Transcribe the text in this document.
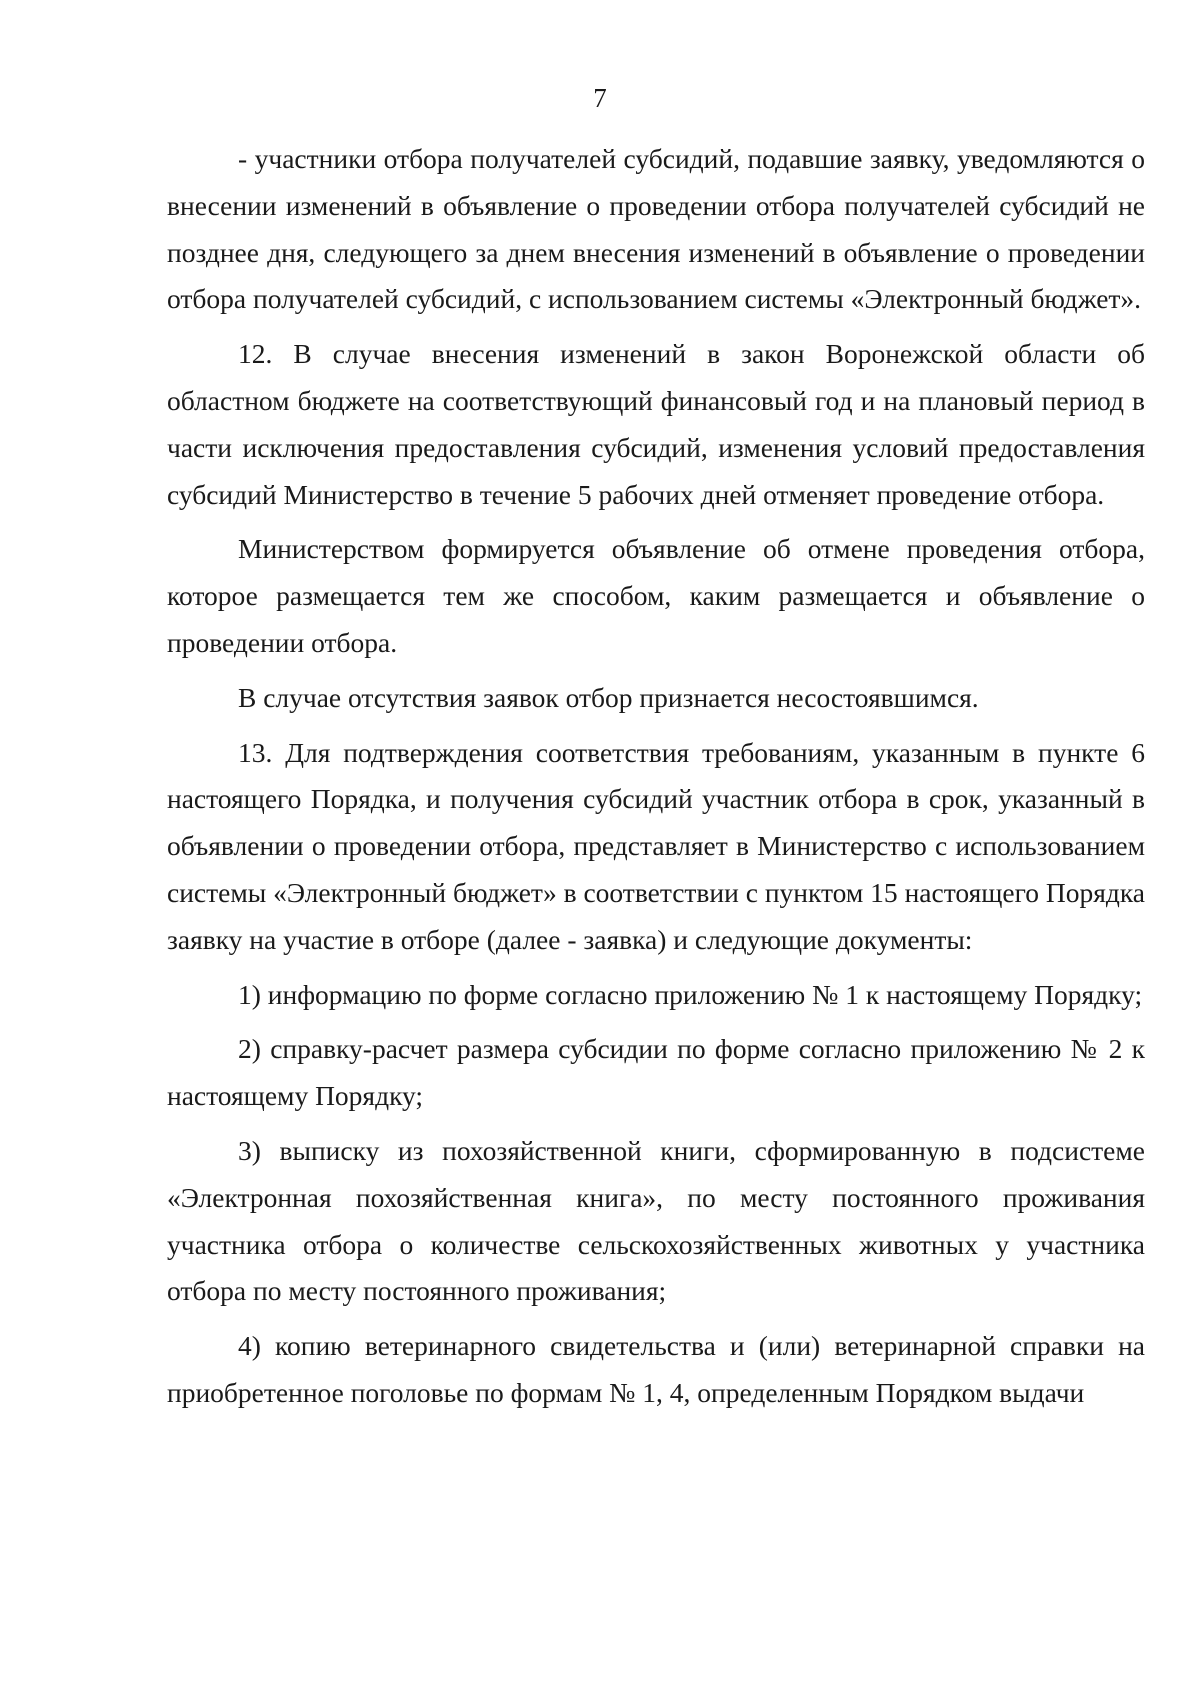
7

- участники отбора получателей субсидий, подавшие заявку, уведомляются о внесении изменений в объявление о проведении отбора получателей субсидий не позднее дня, следующего за днем внесения изменений в объявление о проведении отбора получателей субсидий, с использованием системы «Электронный бюджет».

12. В случае внесения изменений в закон Воронежской области об областном бюджете на соответствующий финансовый год и на плановый период в части исключения предоставления субсидий, изменения условий предоставления субсидий Министерство в течение 5 рабочих дней отменяет проведение отбора.

Министерством формируется объявление об отмене проведения отбора, которое размещается тем же способом, каким размещается и объявление о проведении отбора.

В случае отсутствия заявок отбор признается несостоявшимся.

13. Для подтверждения соответствия требованиям, указанным в пункте 6 настоящего Порядка, и получения субсидий участник отбора в срок, указанный в объявлении о проведении отбора, представляет в Министерство с использованием системы «Электронный бюджет» в соответствии с пунктом 15 настоящего Порядка заявку на участие в отборе (далее - заявка) и следующие документы:

1) информацию по форме согласно приложению № 1 к настоящему Порядку;

2) справку-расчет размера субсидии по форме согласно приложению № 2 к настоящему Порядку;

3) выписку из похозяйственной книги, сформированную в подсистеме «Электронная похозяйственная книга», по месту постоянного проживания участника отбора о количестве сельскохозяйственных животных у участника отбора по месту постоянного проживания;

4) копию ветеринарного свидетельства и (или) ветеринарной справки на приобретенное поголовье по формам № 1, 4, определенным Порядком выдачи
